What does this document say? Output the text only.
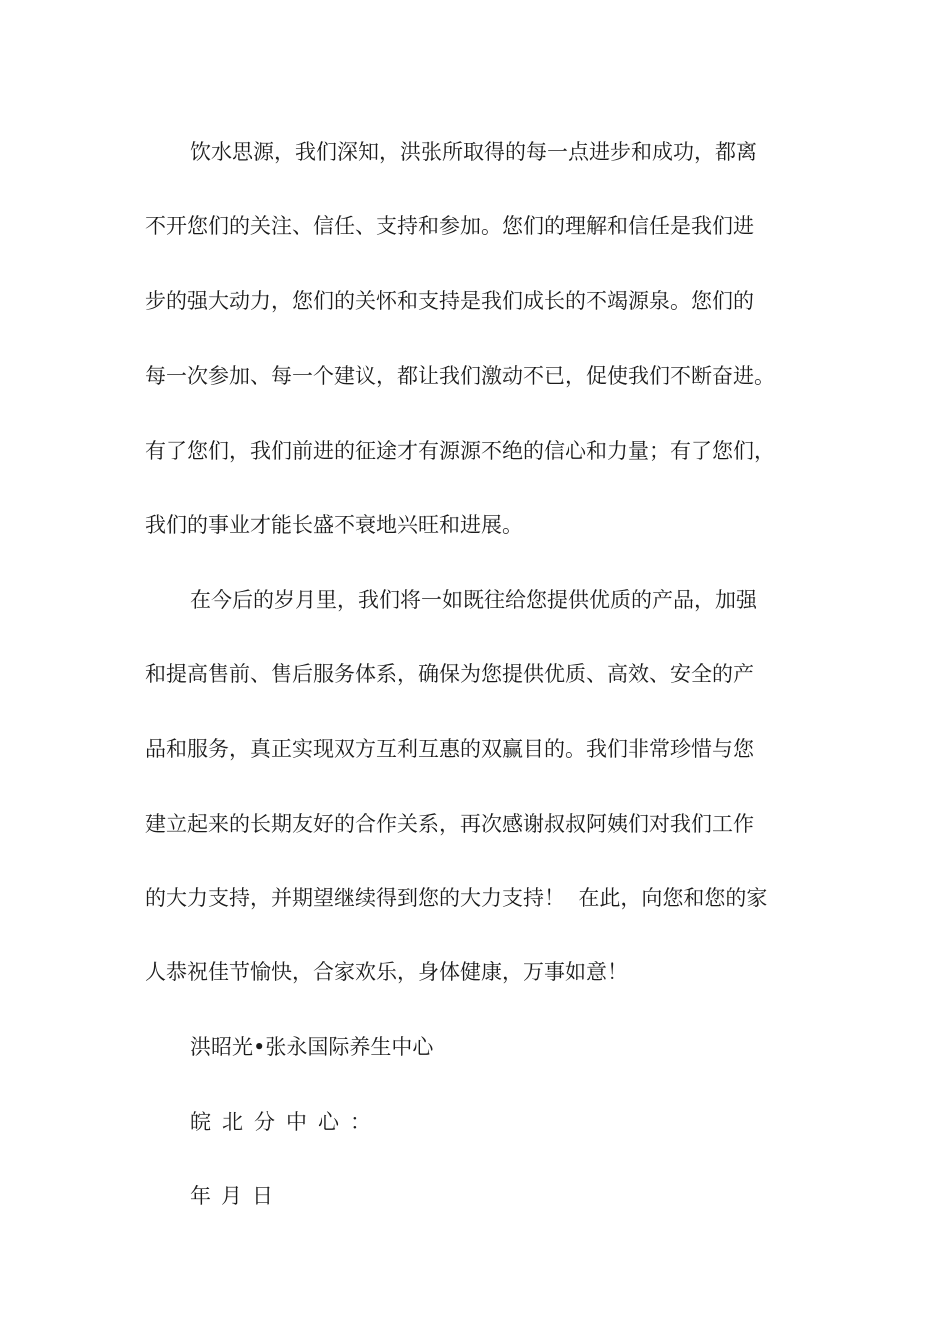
饮水思源，我们深知，洪张所取得的每一点进步和成功，都离
不开您们的关注、信任、支持和参加。您们的理解和信任是我们进
步的强大动力，您们的关怀和支持是我们成长的不竭源泉。您们的
每一次参加、每一个建议，都让我们激动不已，促使我们不断奋进。
有了您们，我们前进的征途才有源源不绝的信心和力量；有了您们，
我们的事业才能长盛不衰地兴旺和进展。
在今后的岁月里，我们将一如既往给您提供优质的产品，加强
和提高售前、售后服务体系，确保为您提供优质、高效、安全的产
品和服务，真正实现双方互利互惠的双赢目的。我们非常珍惜与您
建立起来的长期友好的合作关系，再次感谢叔叔阿姨们对我们工作
的大力支持，并期望继续得到您的大力支持！  在此，向您和您的家
人恭祝佳节愉快，合家欢乐，身体健康，万事如意！
洪昭光•张永国际养生中心
皖北分中心：
年月日
